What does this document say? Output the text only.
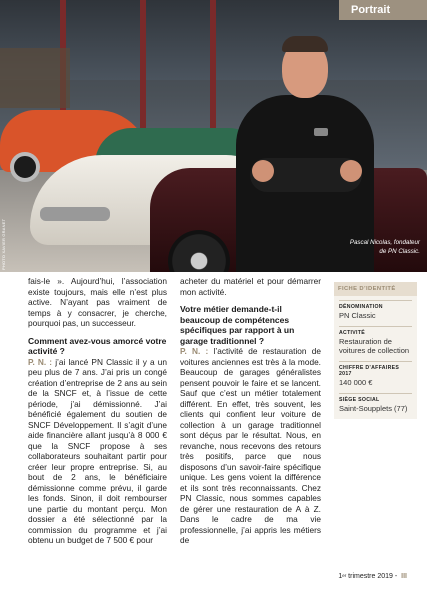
PHOTO XAVIER GRANET	Pascal Nicolas, fondateur
de PN Classic.
Portrait

fais-le ». Aujourd’hui, l’association existe toujours, mais elle n’est plus active. N’ayant pas vraiment de temps à y consacrer, je cherche, pourquoi pas, un successeur.

Comment avez-vous amorcé votre activité ?

P. N. : j’ai lancé PN Classic il y a un peu plus de 7 ans. J’ai pris un congé création d’entreprise de 2 ans au sein de la SNCF et, à l’issue de cette période, j’ai démissionné. J’ai bénéficié également du soutien de SNCF Développement. Il s’agit d’une aide financière allant jusqu’à 8 000 € que la SNCF propose à ses collaborateurs souhaitant partir pour créer leur propre entreprise. Si, au bout de 2 ans, le bénéficiaire démissionne comme prévu, il garde les fonds. Sinon, il doit rembourser une partie du montant perçu. Mon dossier a été sélectionné par la commission du programme et j’ai obtenu un budget de 7 500 € pour

acheter du matériel et pour démarrer mon activité.

Votre métier demande-t-il beaucoup de compétences spécifiques par rapport à un garage traditionnel ?

P. N. : l’activité de restauration de voitures anciennes est très à la mode. Beaucoup de garages généralistes pensent pouvoir le faire et se lancent. Sauf que c’est un métier totalement différent. En effet, très souvent, les clients qui confient leur voiture de collection à un garage traditionnel sont déçus par le résultat. Nous, en revanche, nous recevons des retours très positifs, parce que nous disposons d’un savoir-faire spécifique unique. Les gens voient la différence et ils sont très reconnaissants. Chez PN Classic, nous sommes capables de gérer une restauration de A à Z. Dans le cadre de ma vie professionnelle, j’ai appris les métiers de

FICHE D’IDENTITÉ
DÉNOMINATION
PN Classic
ACTIVITÉ
Restauration de voitures de collection
CHIFFRE D’AFFAIRES 2017
140 000 €
SIÈGE SOCIAL
Saint-Soupplets (77)
1er trimestre 2019 - III
